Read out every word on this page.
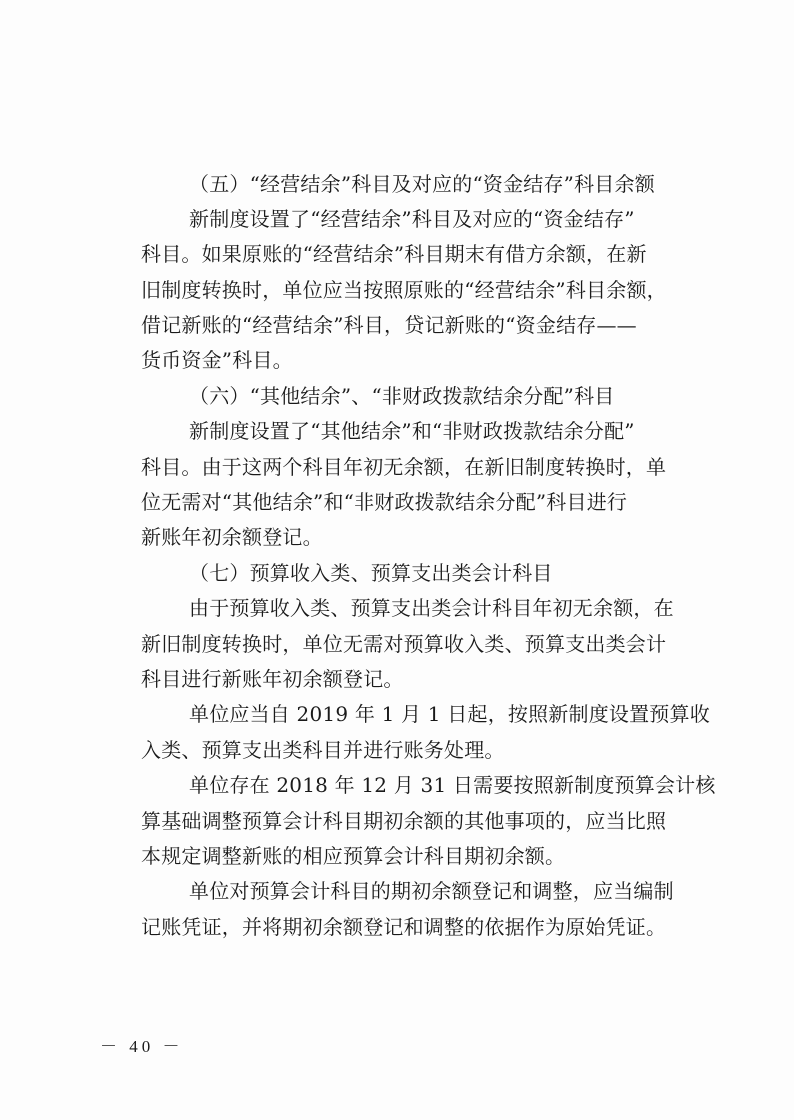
（五）“经营结余”科目及对应的“资金结存”科目余额
新制度设置了“经营结余”科目及对应的“资金结存”
科目。如果原账的“经营结余”科目期末有借方余额，在新
旧制度转换时，单位应当按照原账的“经营结余”科目余额，
借记新账的“经营结余”科目，贷记新账的“资金结存——
货币资金”科目。
（六）“其他结余”、“非财政拨款结余分配”科目
新制度设置了“其他结余”和“非财政拨款结余分配”
科目。由于这两个科目年初无余额，在新旧制度转换时，单
位无需对“其他结余”和“非财政拨款结余分配”科目进行
新账年初余额登记。
（七）预算收入类、预算支出类会计科目
由于预算收入类、预算支出类会计科目年初无余额，在
新旧制度转换时，单位无需对预算收入类、预算支出类会计
科目进行新账年初余额登记。
单位应当自 2019 年 1 月 1 日起，按照新制度设置预算收
入类、预算支出类科目并进行账务处理。
单位存在 2018 年 12 月 31 日需要按照新制度预算会计核
算基础调整预算会计科目期初余额的其他事项的，应当比照
本规定调整新账的相应预算会计科目期初余额。
单位对预算会计科目的期初余额登记和调整，应当编制
记账凭证，并将期初余额登记和调整的依据作为原始凭证。
－ 40 －
